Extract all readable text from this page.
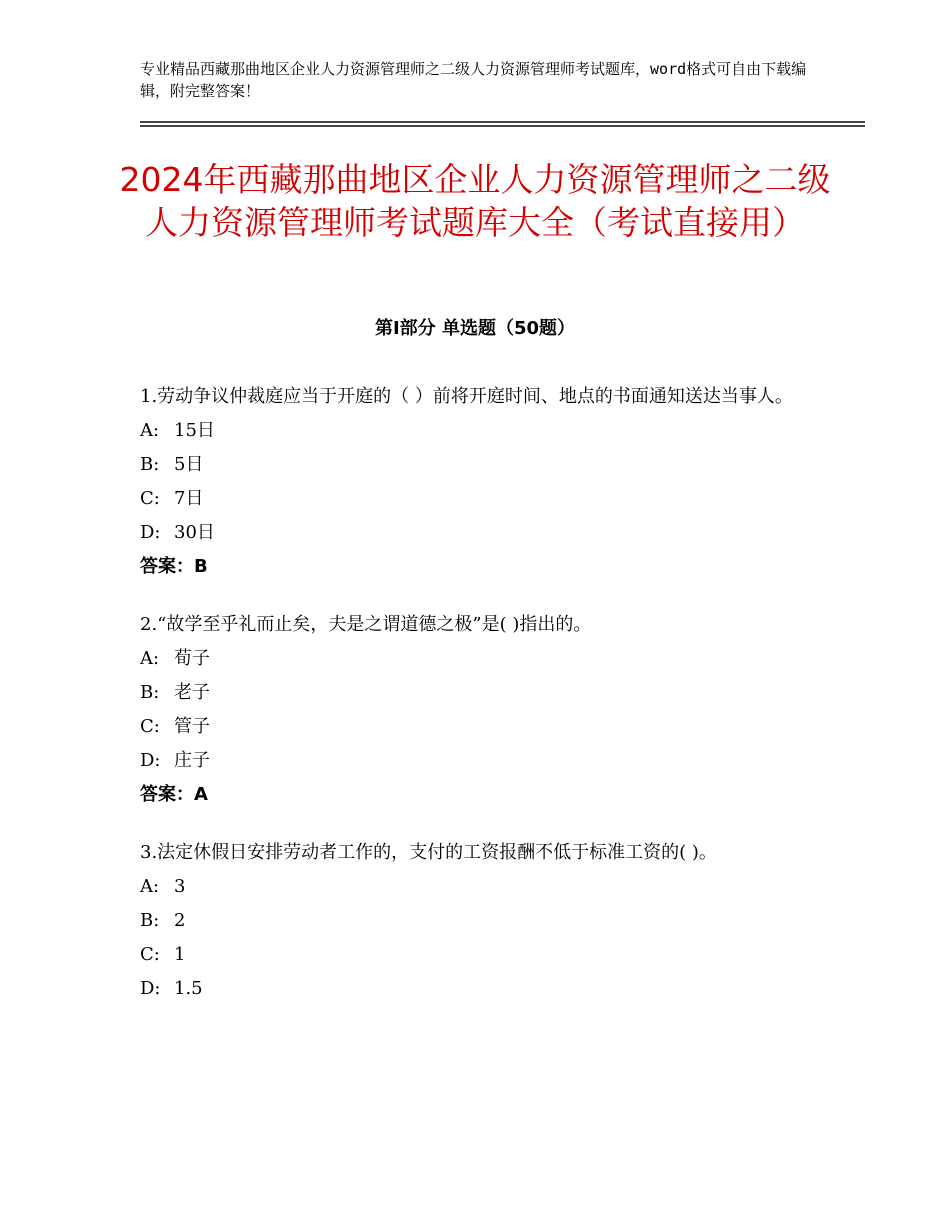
专业精品西藏那曲地区企业人力资源管理师之二级人力资源管理师考试题库，word格式可自由下载编辑，附完整答案！
2024年西藏那曲地区企业人力资源管理师之二级人力资源管理师考试题库大全（考试直接用）
第Ⅰ部分 单选题（50题）

1.劳动争议仲裁庭应当于开庭的（ ）前将开庭时间、地点的书面通知送达当事人。

A: 15日
B: 5日
C: 7日
D: 30日
答案：B

2.“故学至乎礼而止矣，夫是之谓道德之极”是( )指出的。

A: 荀子
B: 老子
C: 管子
D: 庄子
答案：A

3.法定休假日安排劳动者工作的，支付的工资报酬不低于标准工资的( )。

A: 3
B: 2
C: 1
D: 1.5
